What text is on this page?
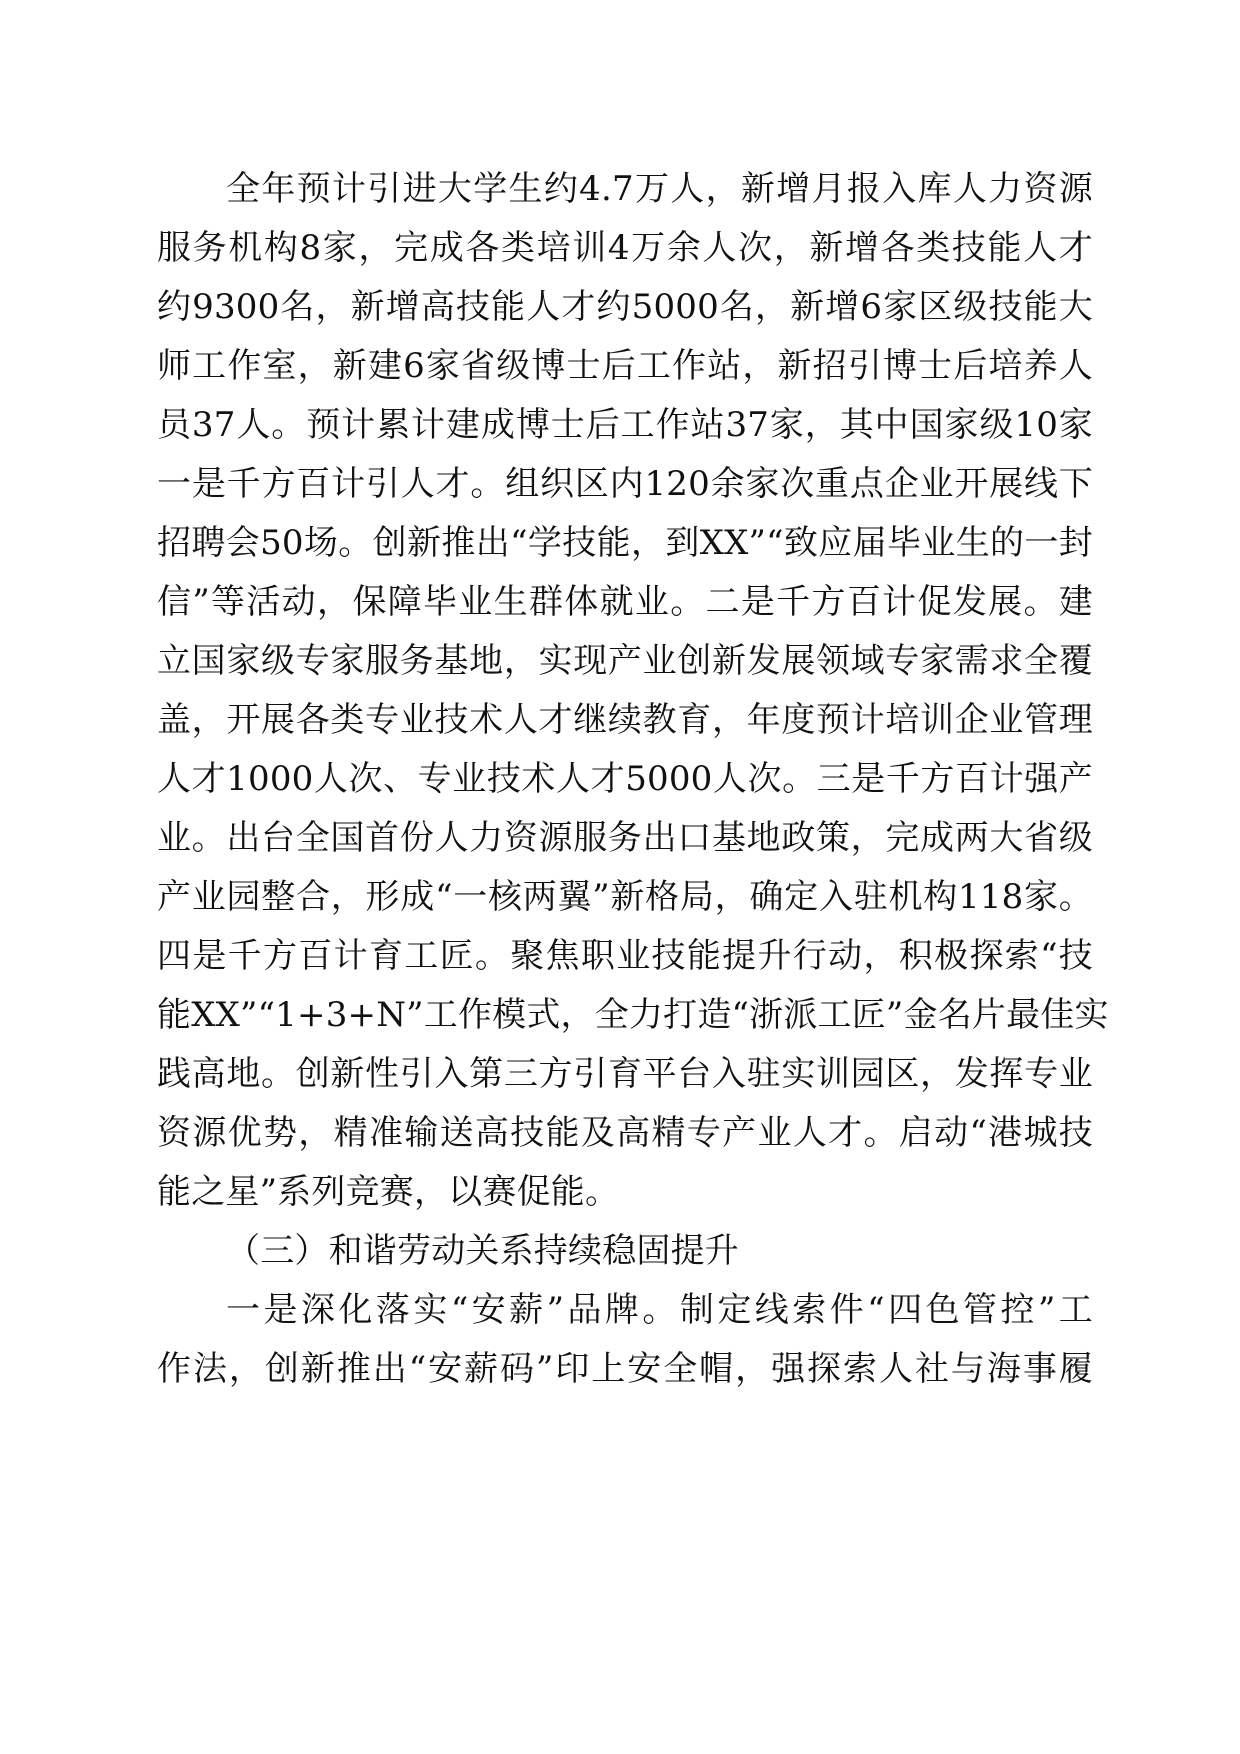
全年预计引进大学生约4.7万人，新增月报入库人力资源
服务机构8家，完成各类培训4万余人次，新增各类技能人才
约9300名，新增高技能人才约5000名，新增6家区级技能大
师工作室，新建6家省级博士后工作站，新招引博士后培养人
员37人。预计累计建成博士后工作站37家，其中国家级10家
一是千方百计引人才。组织区内120余家次重点企业开展线下
招聘会50场。创新推出“学技能，到XX”“致应届毕业生的一封
信”等活动，保障毕业生群体就业。二是千方百计促发展。建
立国家级专家服务基地，实现产业创新发展领域专家需求全覆
盖，开展各类专业技术人才继续教育，年度预计培训企业管理
人才1000人次、专业技术人才5000人次。三是千方百计强产
业。出台全国首份人力资源服务出口基地政策，完成两大省级
产业园整合，形成“一核两翼”新格局，确定入驻机构118家。
四是千方百计育工匠。聚焦职业技能提升行动，积极探索“技
能XX”“1+3+N”工作模式，全力打造“浙派工匠”金名片最佳实
践高地。创新性引入第三方引育平台入驻实训园区，发挥专业
资源优势，精准输送高技能及高精专产业人才。启动“港城技
能之星”系列竞赛，以赛促能。
（三）和谐劳动关系持续稳固提升
一是深化落实“安薪”品牌。制定线索件“四色管控”工
作法，创新推出“安薪码”印上安全帽，强探索人社与海事履
